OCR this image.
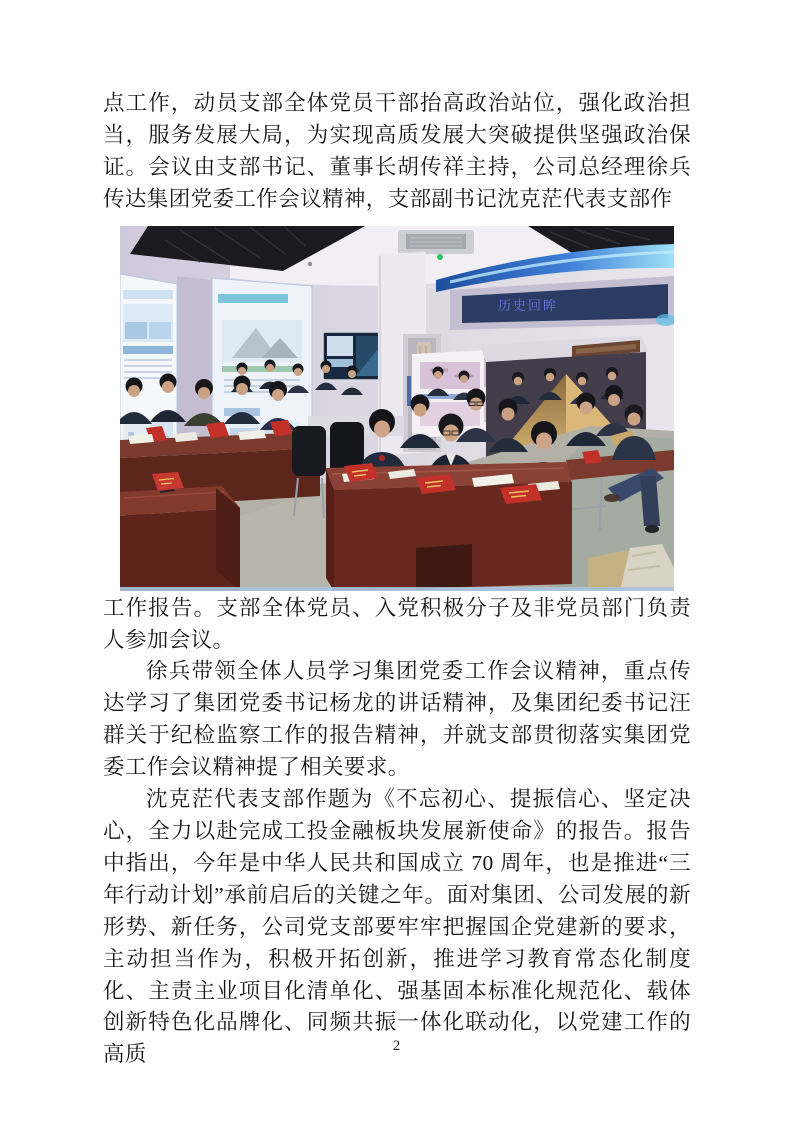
点工作，动员支部全体党员干部抬高政治站位，强化政治担当，服务发展大局，为实现高质发展大突破提供坚强政治保证。会议由支部书记、董事长胡传祥主持，公司总经理徐兵传达集团党委工作会议精神，支部副书记沈克茫代表支部作

历史回眸

工作报告。支部全体党员、入党积极分子及非党员部门负责人参加会议。

徐兵带领全体人员学习集团党委工作会议精神，重点传达学习了集团党委书记杨龙的讲话精神，及集团纪委书记汪群关于纪检监察工作的报告精神，并就支部贯彻落实集团党委工作会议精神提了相关要求。

沈克茫代表支部作题为《不忘初心、提振信心、坚定决心，全力以赴完成工投金融板块发展新使命》的报告。报告中指出，今年是中华人民共和国成立 70 周年，也是推进“三年行动计划”承前启后的关键之年。面对集团、公司发展的新形势、新任务，公司党支部要牢牢把握国企党建新的要求，主动担当作为，积极开拓创新，推进学习教育常态化制度化、主责主业项目化清单化、强基固本标准化规范化、载体创新特色化品牌化、同频共振一体化联动化，以党建工作的高质	2
